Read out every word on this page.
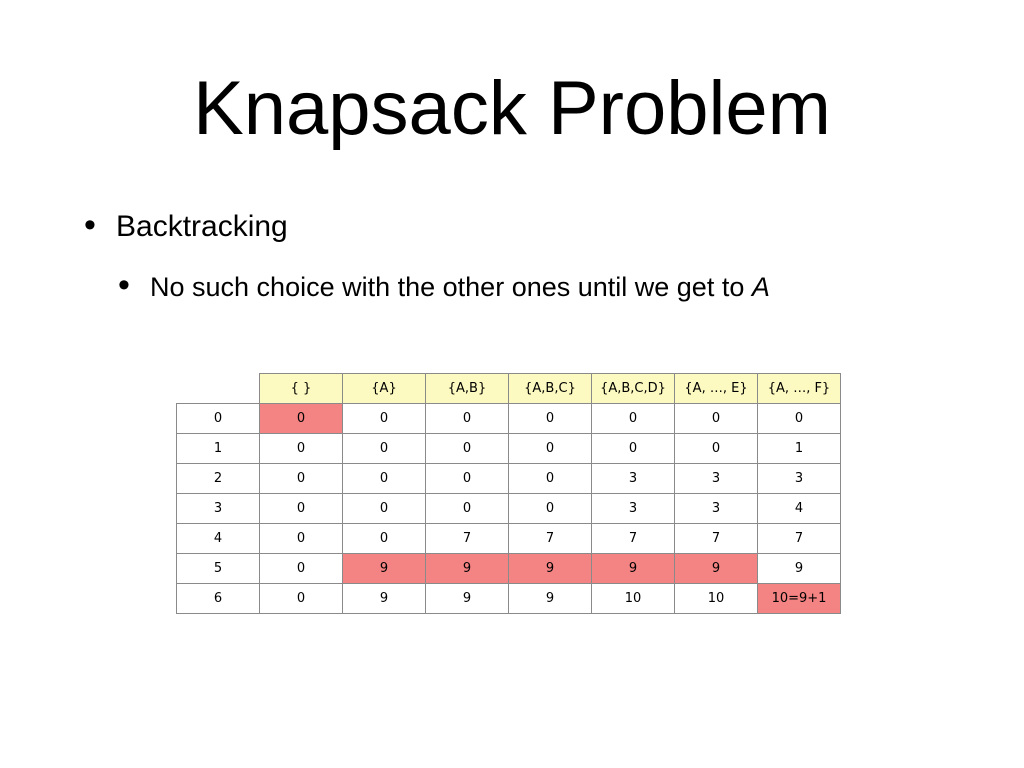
Knapsack Problem
• Backtracking
• No such choice with the other ones until we get to A
	{ }	{A}	{A,B}	{A,B,C}	{A,B,C,D}	{A, …, E}	{A, …, F}
0	0	0	0	0	0	0	0
1	0	0	0	0	0	0	1
2	0	0	0	0	3	3	3
3	0	0	0	0	3	3	4
4	0	0	7	7	7	7	7
5	0	9	9	9	9	9	9
6	0	9	9	9	10	10	10=9+1
